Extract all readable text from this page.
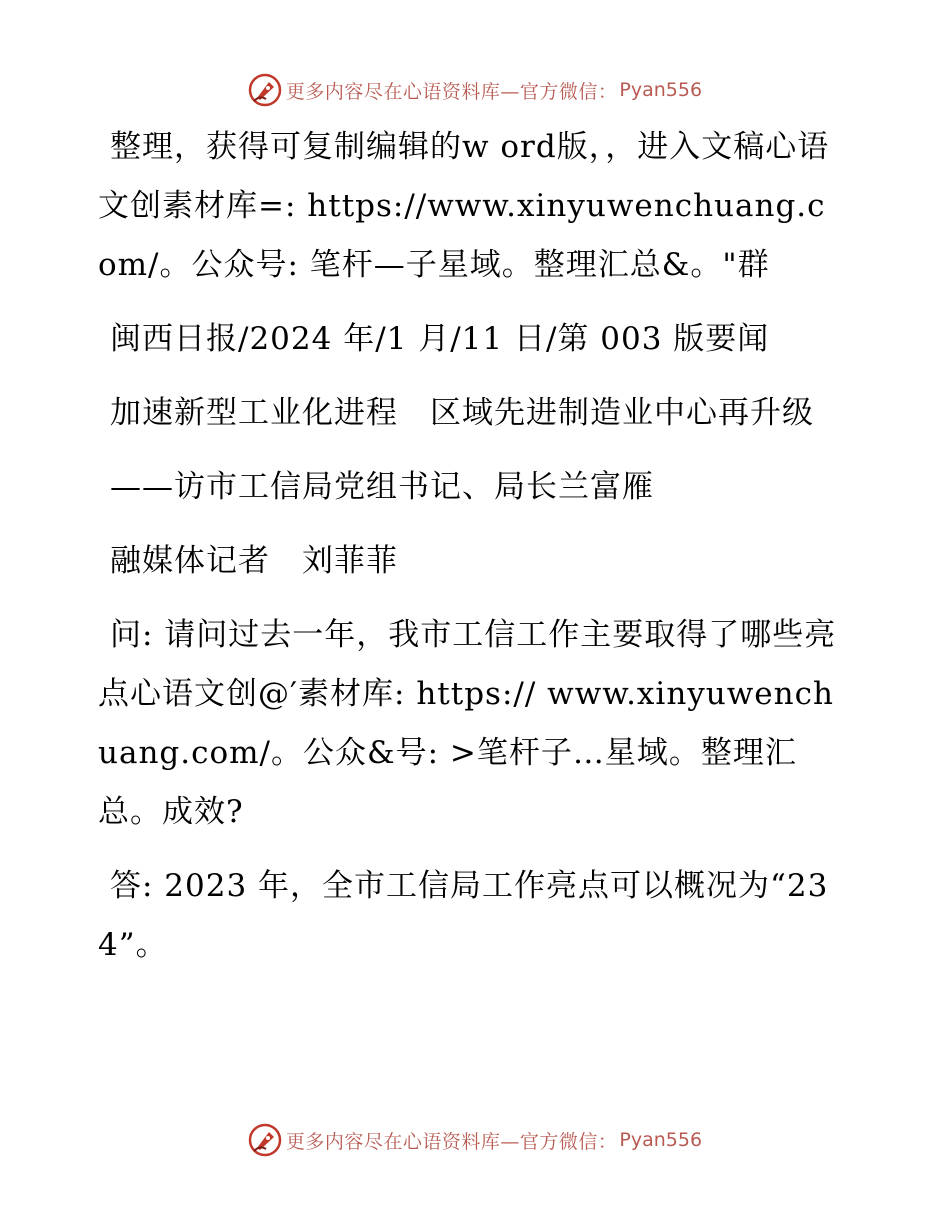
更多内容尽在心语资料库—官方微信： Pyan556

整理，获得可复制编辑的w ord版，，进入文稿心语文创素材库=: https://www.xinyuwenchuang.com/。公众号: 笔杆—子星域。整理汇总&。"群

闽西日报/2024 年/1 月/11 日/第 003 版要闻

加速新型工业化进程　区域先进制造业中心再升级

——访市工信局党组书记、局长兰富雁

融媒体记者　刘菲菲

问: 请问过去一年，我市工信工作主要取得了哪些亮点心语文创@′素材库: https:// www.xinyuwenchuang.com/。公众&号: >笔杆子…星域。整理汇总。成效?

答: 2023 年，全市工信局工作亮点可以概况为“234”。

更多内容尽在心语资料库—官方微信： Pyan556
